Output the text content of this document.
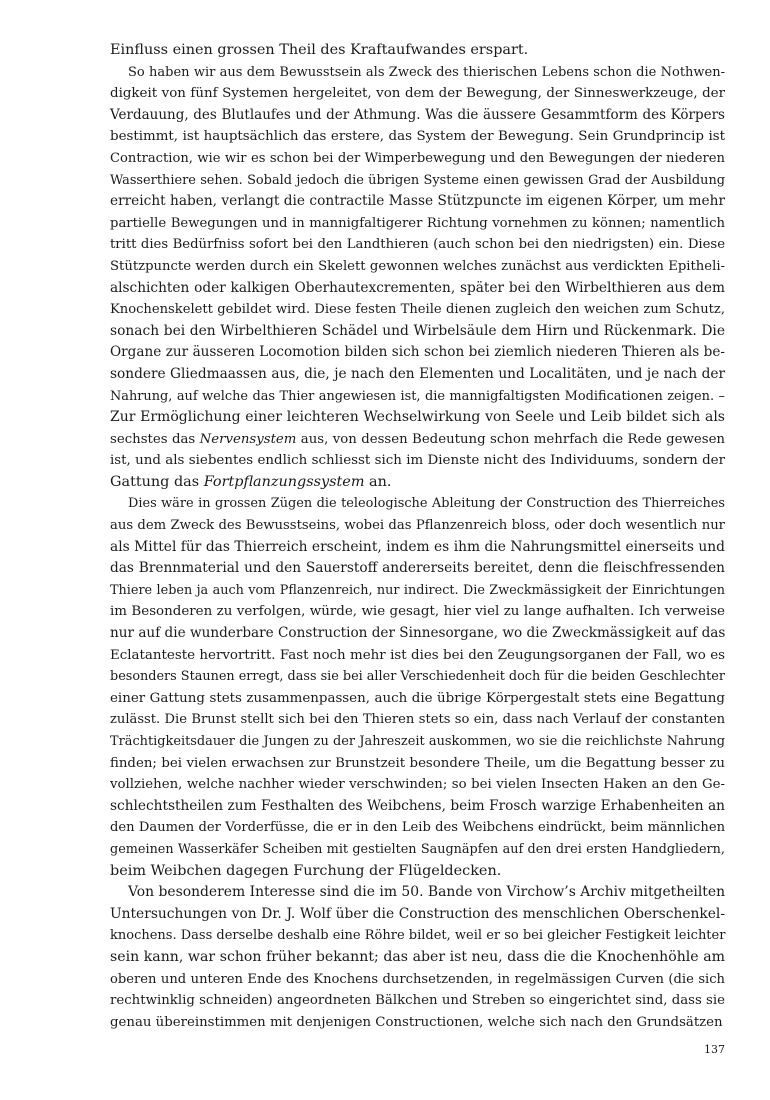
Einfluss einen grossen Theil des Kraftaufwandes erspart.
So haben wir aus dem Bewusstsein als Zweck des thierischen Lebens schon die Nothwen-
digkeit von fünf Systemen hergeleitet, von dem der Bewegung, der Sinneswerkzeuge, der
Verdauung, des Blutlaufes und der Athmung. Was die äussere Gesammtform des Körpers
bestimmt, ist hauptsächlich das erstere, das System der Bewegung. Sein Grundprincip ist
Contraction, wie wir es schon bei der Wimperbewegung und den Bewegungen der niederen
Wasserthiere sehen. Sobald jedoch die übrigen Systeme einen gewissen Grad der Ausbildung
erreicht haben, verlangt die contractile Masse Stützpuncte im eigenen Körper, um mehr
partielle Bewegungen und in mannigfaltigerer Richtung vornehmen zu können; namentlich
tritt dies Bedürfniss sofort bei den Landthieren (auch schon bei den niedrigsten) ein. Diese
Stützpuncte werden durch ein Skelett gewonnen welches zunächst aus verdickten Epitheli-
alschichten oder kalkigen Oberhautexcrementen, später bei den Wirbelthieren aus dem
Knochenskelett gebildet wird. Diese festen Theile dienen zugleich den weichen zum Schutz,
sonach bei den Wirbelthieren Schädel und Wirbelsäule dem Hirn und Rückenmark. Die
Organe zur äusseren Locomotion bilden sich schon bei ziemlich niederen Thieren als be-
sondere Gliedmaassen aus, die, je nach den Elementen und Localitäten, und je nach der
Nahrung, auf welche das Thier angewiesen ist, die mannigfaltigsten Modificationen zeigen. –
Zur Ermöglichung einer leichteren Wechselwirkung von Seele und Leib bildet sich als
sechstes das Nervensystem aus, von dessen Bedeutung schon mehrfach die Rede gewesen
ist, und als siebentes endlich schliesst sich im Dienste nicht des Individuums, sondern der
Gattung das Fortpflanzungssystem an.
Dies wäre in grossen Zügen die teleologische Ableitung der Construction des Thierreiches
aus dem Zweck des Bewusstseins, wobei das Pflanzenreich bloss, oder doch wesentlich nur
als Mittel für das Thierreich erscheint, indem es ihm die Nahrungsmittel einerseits und
das Brennmaterial und den Sauerstoff andererseits bereitet, denn die fleischfressenden
Thiere leben ja auch vom Pflanzenreich, nur indirect. Die Zweckmässigkeit der Einrichtungen
im Besonderen zu verfolgen, würde, wie gesagt, hier viel zu lange aufhalten. Ich verweise
nur auf die wunderbare Construction der Sinnesorgane, wo die Zweckmässigkeit auf das
Eclatanteste hervortritt. Fast noch mehr ist dies bei den Zeugungsorganen der Fall, wo es
besonders Staunen erregt, dass sie bei aller Verschiedenheit doch für die beiden Geschlechter
einer Gattung stets zusammenpassen, auch die übrige Körpergestalt stets eine Begattung
zulässt. Die Brunst stellt sich bei den Thieren stets so ein, dass nach Verlauf der constanten
Trächtigkeitsdauer die Jungen zu der Jahreszeit auskommen, wo sie die reichlichste Nahrung
finden; bei vielen erwachsen zur Brunstzeit besondere Theile, um die Begattung besser zu
vollziehen, welche nachher wieder verschwinden; so bei vielen Insecten Haken an den Ge-
schlechtstheilen zum Festhalten des Weibchens, beim Frosch warzige Erhabenheiten an
den Daumen der Vorderfüsse, die er in den Leib des Weibchens eindrückt, beim männlichen
gemeinen Wasserkäfer Scheiben mit gestielten Saugnäpfen auf den drei ersten Handgliedern,
beim Weibchen dagegen Furchung der Flügeldecken.
Von besonderem Interesse sind die im 50. Bande von Virchow’s Archiv mitgetheilten
Untersuchungen von Dr. J. Wolf über die Construction des menschlichen Oberschenkel-
knochens. Dass derselbe deshalb eine Röhre bildet, weil er so bei gleicher Festigkeit leichter
sein kann, war schon früher bekannt; das aber ist neu, dass die die Knochenhöhle am
oberen und unteren Ende des Knochens durchsetzenden, in regelmässigen Curven (die sich
rechtwinklig schneiden) angeordneten Bälkchen und Streben so eingerichtet sind, dass sie
genau übereinstimmen mit denjenigen Constructionen, welche sich nach den Grundsätzen
137
